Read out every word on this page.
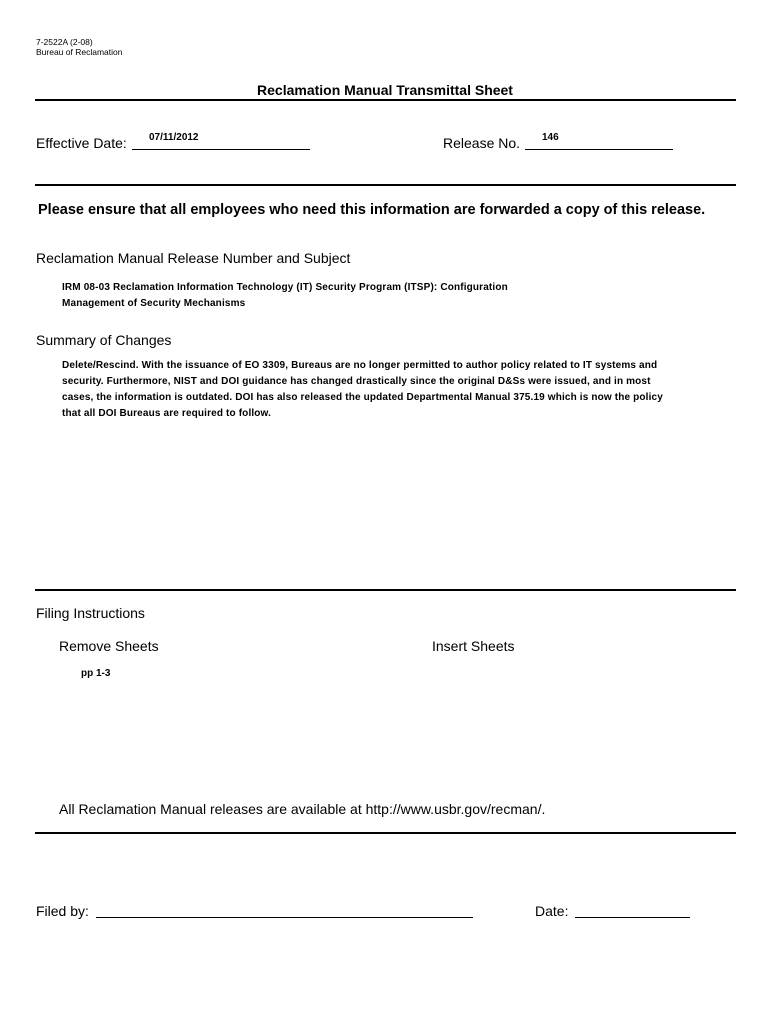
7-2522A (2-08)
Bureau of Reclamation
Reclamation Manual Transmittal Sheet
Effective Date: 07/11/2012	Release No. 146
Please ensure that all employees who need this information are forwarded a copy of this release.
Reclamation Manual Release Number and Subject
IRM 08-03 Reclamation Information Technology (IT) Security Program (ITSP): Configuration
Management of Security Mechanisms
Summary of Changes
Delete/Rescind. With the issuance of EO 3309, Bureaus are no longer permitted to author policy related to IT systems and
security. Furthermore, NIST and DOI guidance has changed drastically since the original D&Ss were issued, and in most
cases, the information is outdated. DOI has also released the updated Departmental Manual 375.19 which is now the policy
that all DOI Bureaus are required to follow.
Filing Instructions
Remove Sheets	Insert Sheets
pp 1-3
All Reclamation Manual releases are available at http://www.usbr.gov/recman/.
Filed by:	Date:
